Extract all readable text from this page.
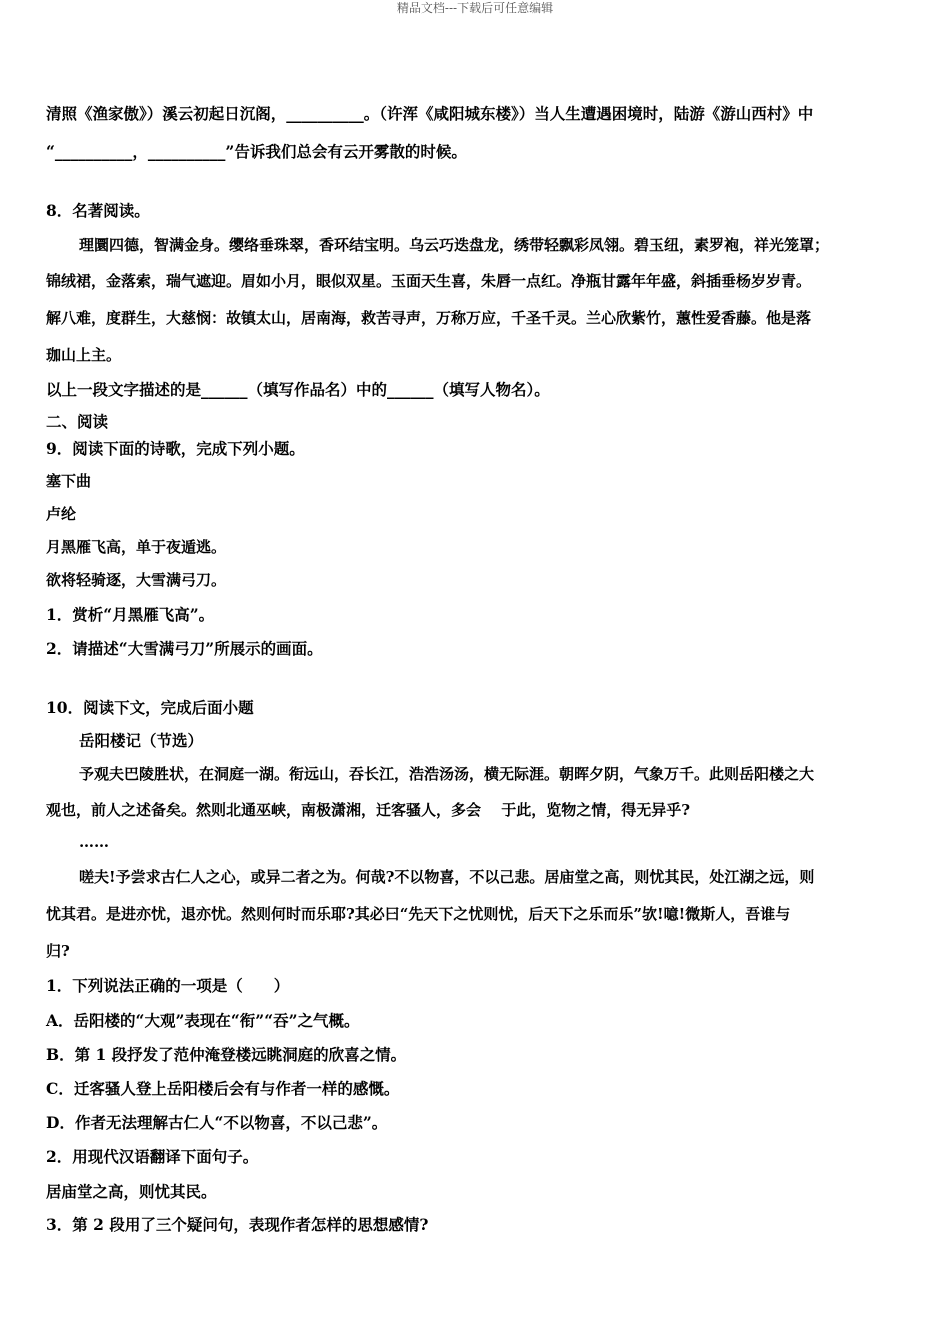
精品文档---下载后可任意编辑
清照《渔家傲》）溪云初起日沉阁，__________。（许浑《咸阳城东楼》）当人生遭遇困境时，陆游《游山西村》中
“__________，__________”告诉我们总会有云开雾散的时候。
8．名著阅读。
理圜四德，智满金身。缨络垂珠翠，香环结宝明。乌云巧迭盘龙，绣带轻飘彩凤翎。碧玉纽，素罗袍，祥光笼罩；
锦绒裙，金落索，瑞气遮迎。眉如小月，眼似双星。玉面天生喜，朱唇一点红。净瓶甘露年年盛，斜插垂杨岁岁青。
解八难，度群生，大慈悯：故镇太山，居南海，救苦寻声，万称万应，千圣千灵。兰心欣紫竹，蕙性爱香藤。他是落
珈山上主。
以上一段文字描述的是______（填写作品名）中的______（填写人物名）。
二、阅读
9．阅读下面的诗歌，完成下列小题。
塞下曲
卢纶
月黑雁飞高，单于夜遁逃。
欲将轻骑逐，大雪满弓刀。
1．赏析“月黑雁飞高”。
2．请描述“大雪满弓刀”所展示的画面。
10．阅读下文，完成后面小题
岳阳楼记（节选）
予观夫巴陵胜状，在洞庭一湖。衔远山，吞长江，浩浩汤汤，横无际涯。朝晖夕阴，气象万千。此则岳阳楼之大
观也，前人之述备矣。然则北通巫峡，南极潇湘，迁客骚人，多会　 于此，览物之情，得无异乎?
……
嗟夫!予尝求古仁人之心，或异二者之为。何哉?不以物喜，不以己悲。居庙堂之高，则忧其民，处江湖之远，则
忧其君。是进亦忧，退亦忧。然则何时而乐耶?其必曰“先天下之忧则忧，后天下之乐而乐”欤!噫!微斯人，吾谁与
归?
1．下列说法正确的一项是（　　）
A．岳阳楼的“大观”表现在“衔”“吞”之气概。
B．第 1 段抒发了范仲淹登楼远眺洞庭的欣喜之情。
C．迁客骚人登上岳阳楼后会有与作者一样的感慨。
D．作者无法理解古仁人“不以物喜，不以己悲”。
2．用现代汉语翻译下面句子。
居庙堂之高，则忧其民。
3．第 2 段用了三个疑问句，表现作者怎样的思想感情?
